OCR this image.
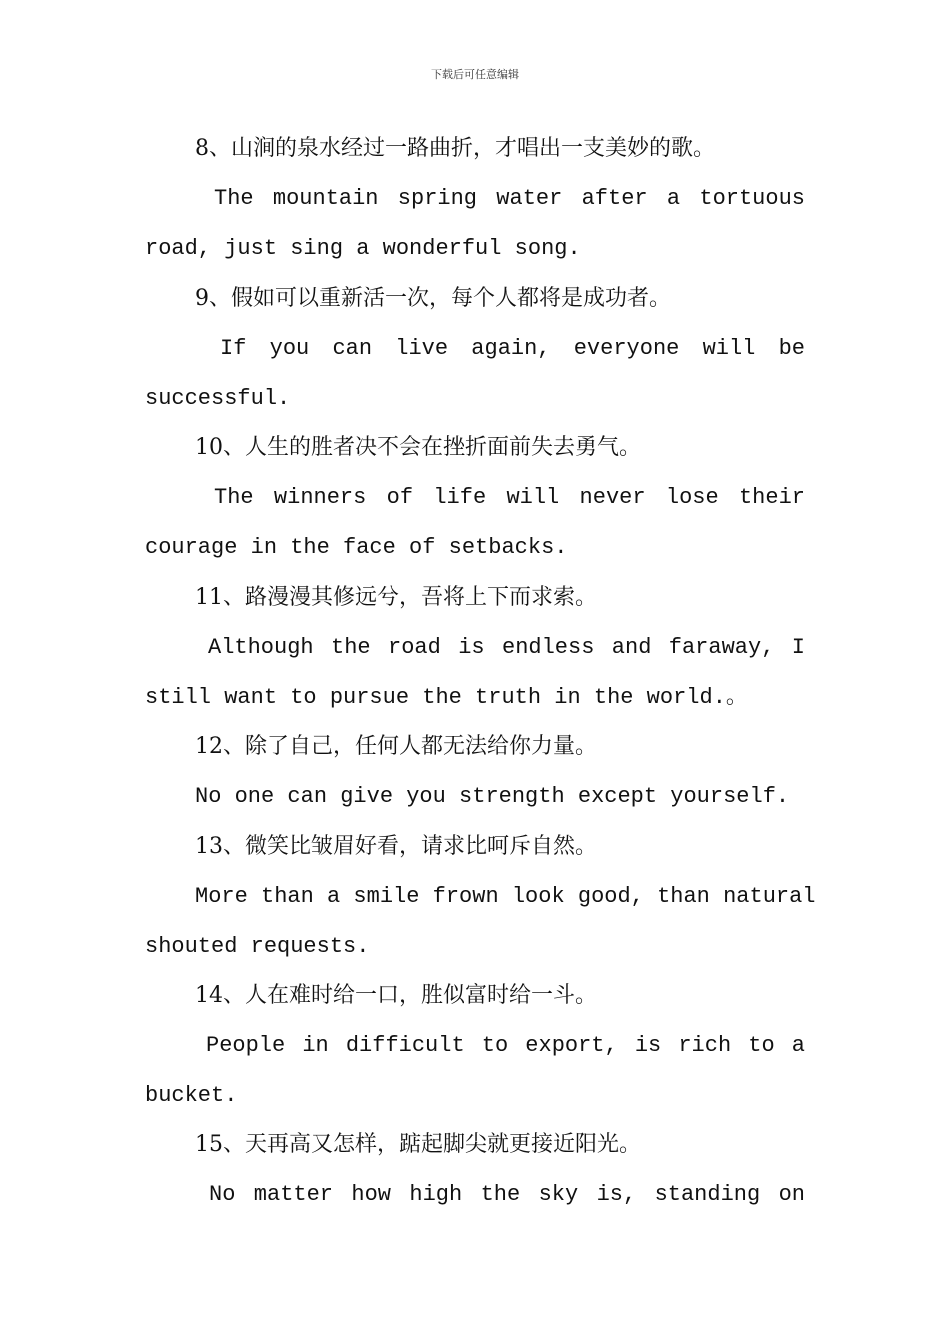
下载后可任意编辑
8、山涧的泉水经过一路曲折，才唱出一支美妙的歌。
The mountain spring water after a tortuous
road, just sing a wonderful song.
9、假如可以重新活一次，每个人都将是成功者。
If you can live again, everyone will be
successful.
10、人生的胜者决不会在挫折面前失去勇气。
The winners of life will never lose their
courage in the face of setbacks.
11、路漫漫其修远兮，吾将上下而求索。
Although the road is endless and faraway, I
still want to pursue the truth in the world.。
12、除了自己，任何人都无法给你力量。
No one can give you strength except yourself.
13、微笑比皱眉好看，请求比呵斥自然。
More than a smile frown look good, than natural
shouted requests.
14、人在难时给一口，胜似富时给一斗。
People in difficult to export, is rich to a
bucket.
15、天再高又怎样，踮起脚尖就更接近阳光。
No matter how high the sky is, standing on
